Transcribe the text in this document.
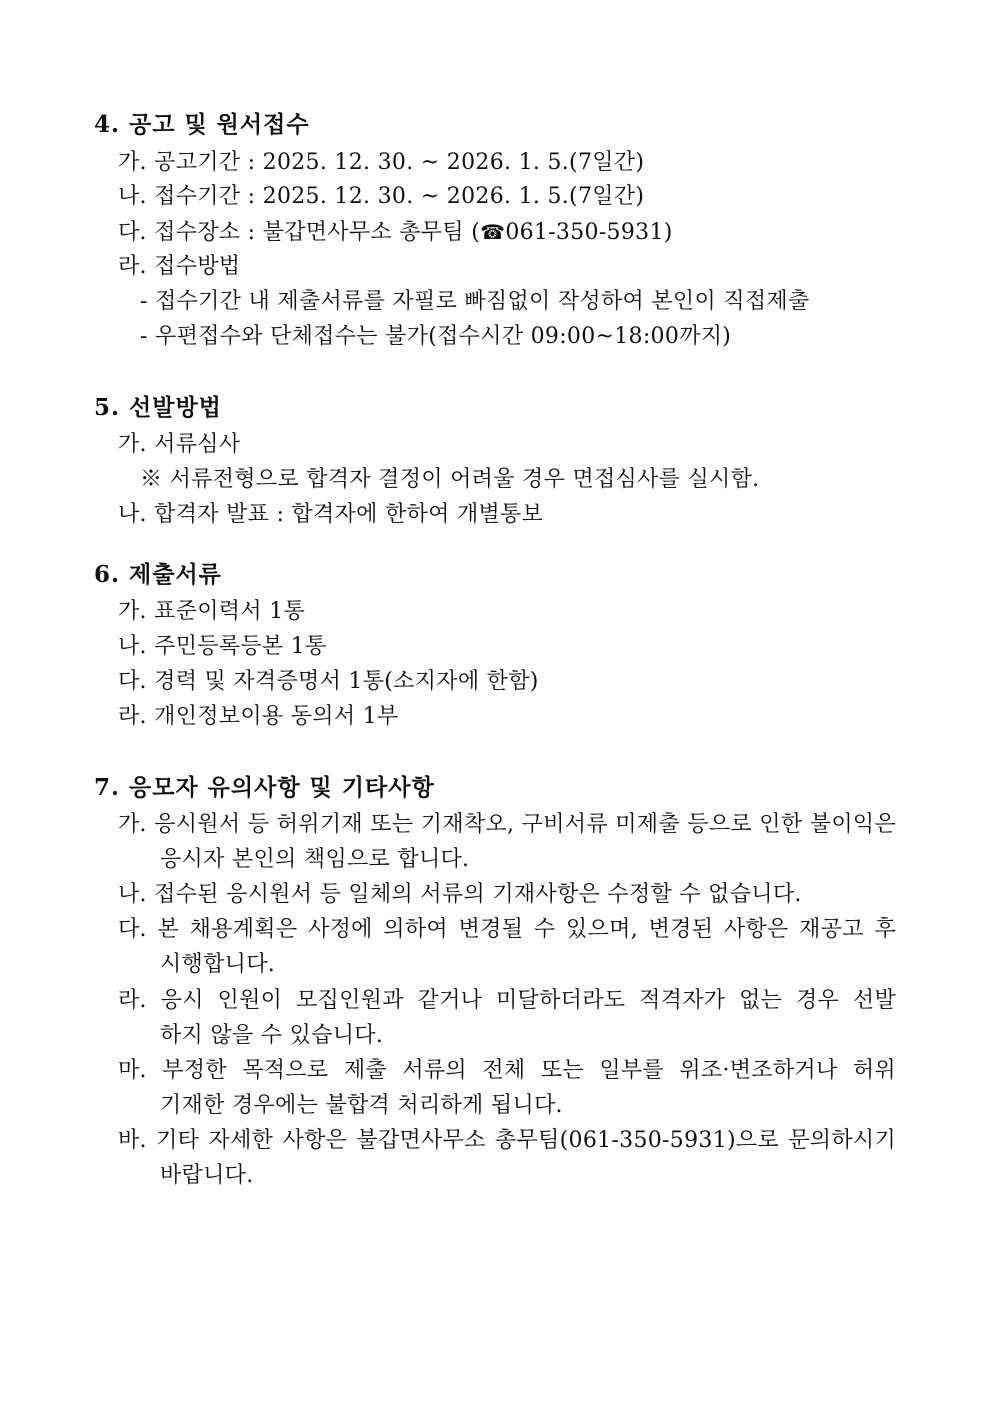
4. 공고 및 원서접수
가. 공고기간 : 2025. 12. 30. ~ 2026. 1. 5.(7일간)
나. 접수기간 : 2025. 12. 30. ~ 2026. 1. 5.(7일간)
다. 접수장소 : 불갑면사무소 총무팀 (☎061-350-5931)
라. 접수방법
- 접수기간 내 제출서류를 자필로 빠짐없이 작성하여 본인이 직접제출
- 우편접수와 단체접수는 불가(접수시간 09:00~18:00까지)
5. 선발방법
가. 서류심사
※ 서류전형으로 합격자 결정이 어려울 경우 면접심사를 실시함.
나. 합격자 발표 : 합격자에 한하여 개별통보
6. 제출서류
가. 표준이력서 1통
나. 주민등록등본 1통
다. 경력 및 자격증명서 1통(소지자에 한함)
라. 개인정보이용 동의서 1부
7. 응모자 유의사항 및 기타사항
가. 응시원서 등 허위기재 또는 기재착오, 구비서류 미제출 등으로 인한 불이익은
응시자 본인의 책임으로 합니다.
나. 접수된 응시원서 등 일체의 서류의 기재사항은 수정할 수 없습니다.
다. 본 채용계획은 사정에 의하여 변경될 수 있으며, 변경된 사항은 재공고 후
시행합니다.
라. 응시 인원이 모집인원과 같거나 미달하더라도 적격자가 없는 경우 선발
하지 않을 수 있습니다.
마. 부정한 목적으로 제출 서류의 전체 또는 일부를 위조·변조하거나 허위
기재한 경우에는 불합격 처리하게 됩니다.
바. 기타 자세한 사항은 불갑면사무소 총무팀(061-350-5931)으로 문의하시기
바랍니다.
